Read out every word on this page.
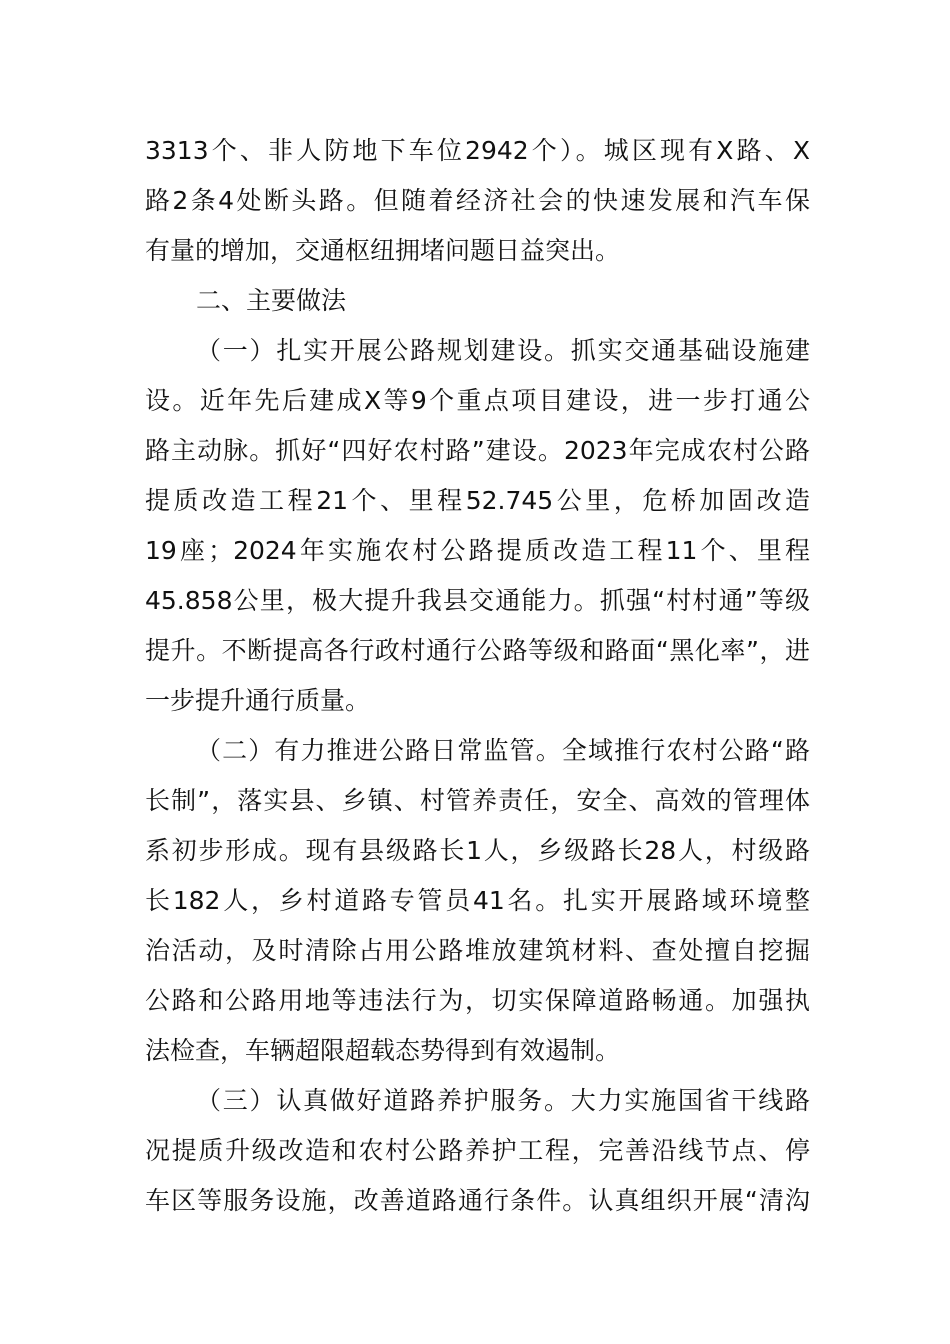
3313个、非人防地下车位2942个）。城区现有X路、X
路2条4处断头路。但随着经济社会的快速发展和汽车保
有量的增加，交通枢纽拥堵问题日益突出。
二、主要做法
（一）扎实开展公路规划建设。抓实交通基础设施建
设。近年先后建成X等9个重点项目建设，进一步打通公
路主动脉。抓好“四好农村路”建设。2023年完成农村公路
提质改造工程21个、里程52.745公里，危桥加固改造
19座；2024年实施农村公路提质改造工程11个、里程
45.858公里，极大提升我县交通能力。抓强“村村通”等级
提升。不断提高各行政村通行公路等级和路面“黑化率”，进
一步提升通行质量。
（二）有力推进公路日常监管。全域推行农村公路“路
长制”，落实县、乡镇、村管养责任，安全、高效的管理体
系初步形成。现有县级路长1人，乡级路长28人，村级路
长182人，乡村道路专管员41名。扎实开展路域环境整
治活动，及时清除占用公路堆放建筑材料、查处擅自挖掘
公路和公路用地等违法行为，切实保障道路畅通。加强执
法检查，车辆超限超载态势得到有效遏制。
（三）认真做好道路养护服务。大力实施国省干线路
况提质升级改造和农村公路养护工程，完善沿线节点、停
车区等服务设施，改善道路通行条件。认真组织开展“清沟
